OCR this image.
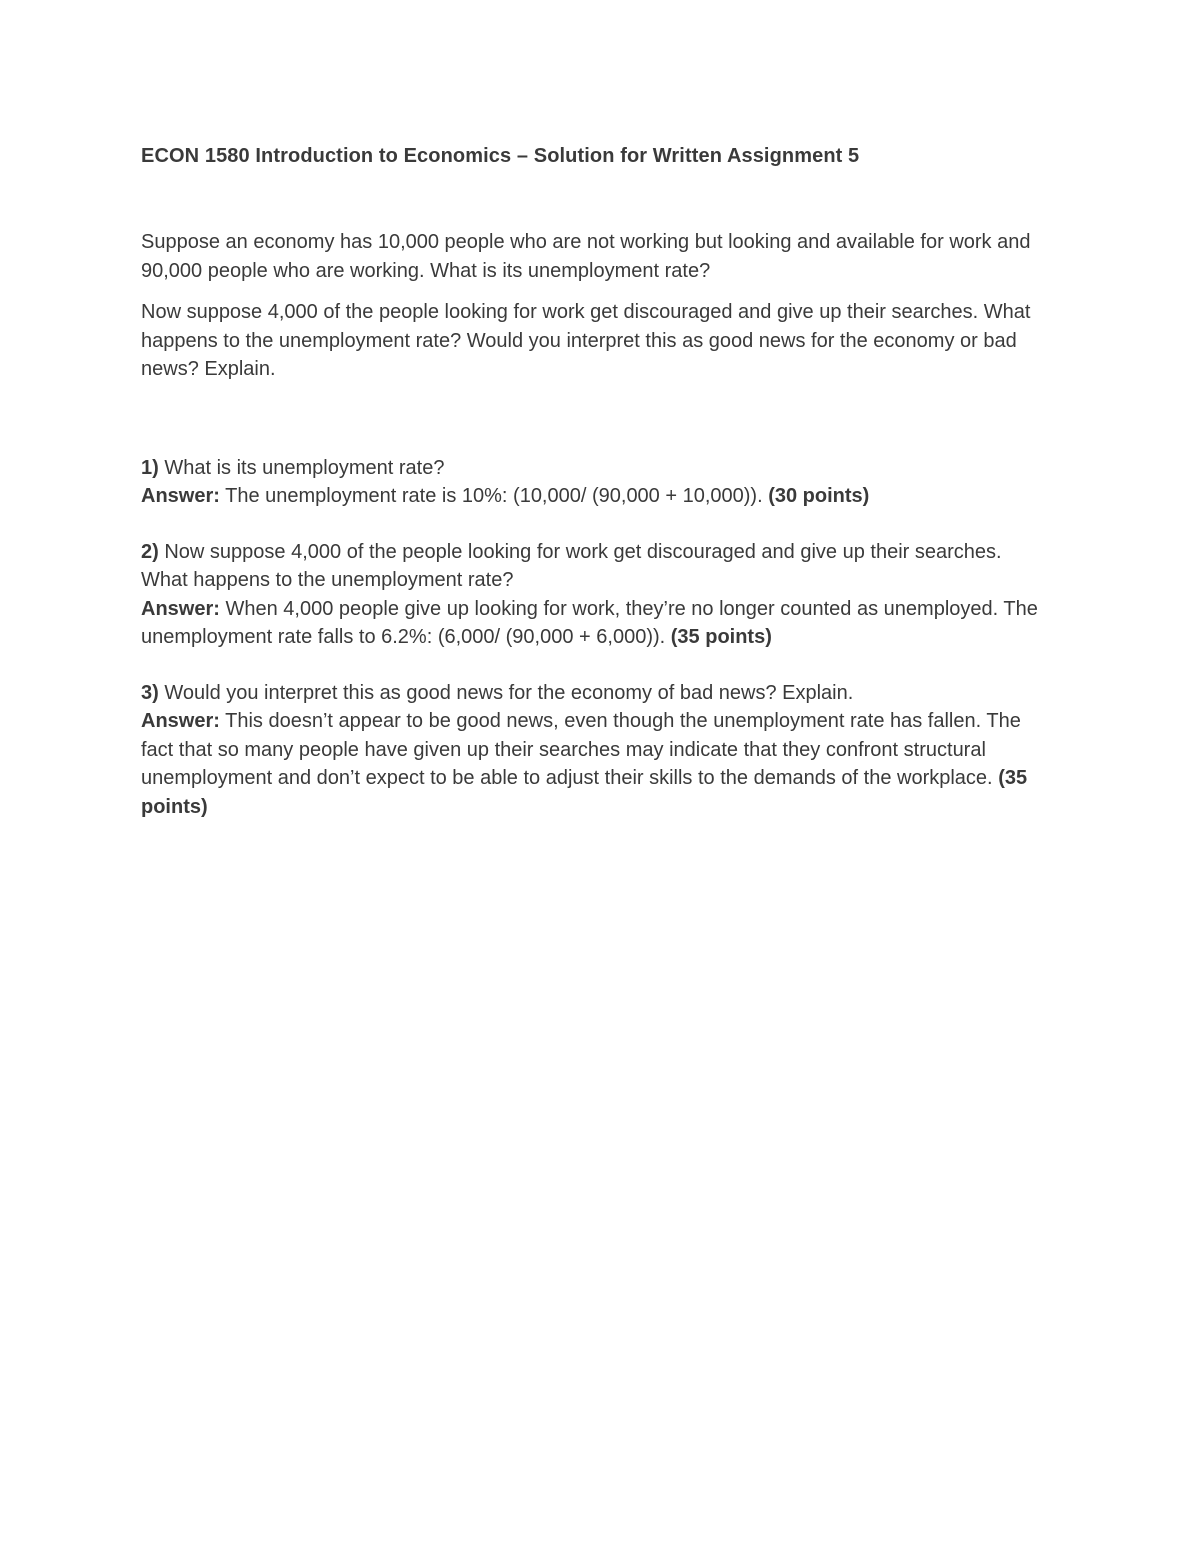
ECON 1580 Introduction to Economics – Solution for Written Assignment 5

Suppose an economy has 10,000 people who are not working but looking and available for work and 90,000 people who are working. What is its unemployment rate?

Now suppose 4,000 of the people looking for work get discouraged and give up their searches. What happens to the unemployment rate? Would you interpret this as good news for the economy or bad news? Explain.

1) What is its unemployment rate?
Answer: The unemployment rate is 10%: (10,000/ (90,000 + 10,000)). (30 points)
2) Now suppose 4,000 of the people looking for work get discouraged and give up their searches. What happens to the unemployment rate?
Answer: When 4,000 people give up looking for work, they’re no longer counted as unemployed. The unemployment rate falls to 6.2%: (6,000/ (90,000 + 6,000)). (35 points)
3) Would you interpret this as good news for the economy of bad news? Explain.
Answer: This doesn’t appear to be good news, even though the unemployment rate has fallen. The fact that so many people have given up their searches may indicate that they confront structural unemployment and don’t expect to be able to adjust their skills to the demands of the workplace. (35 points)
